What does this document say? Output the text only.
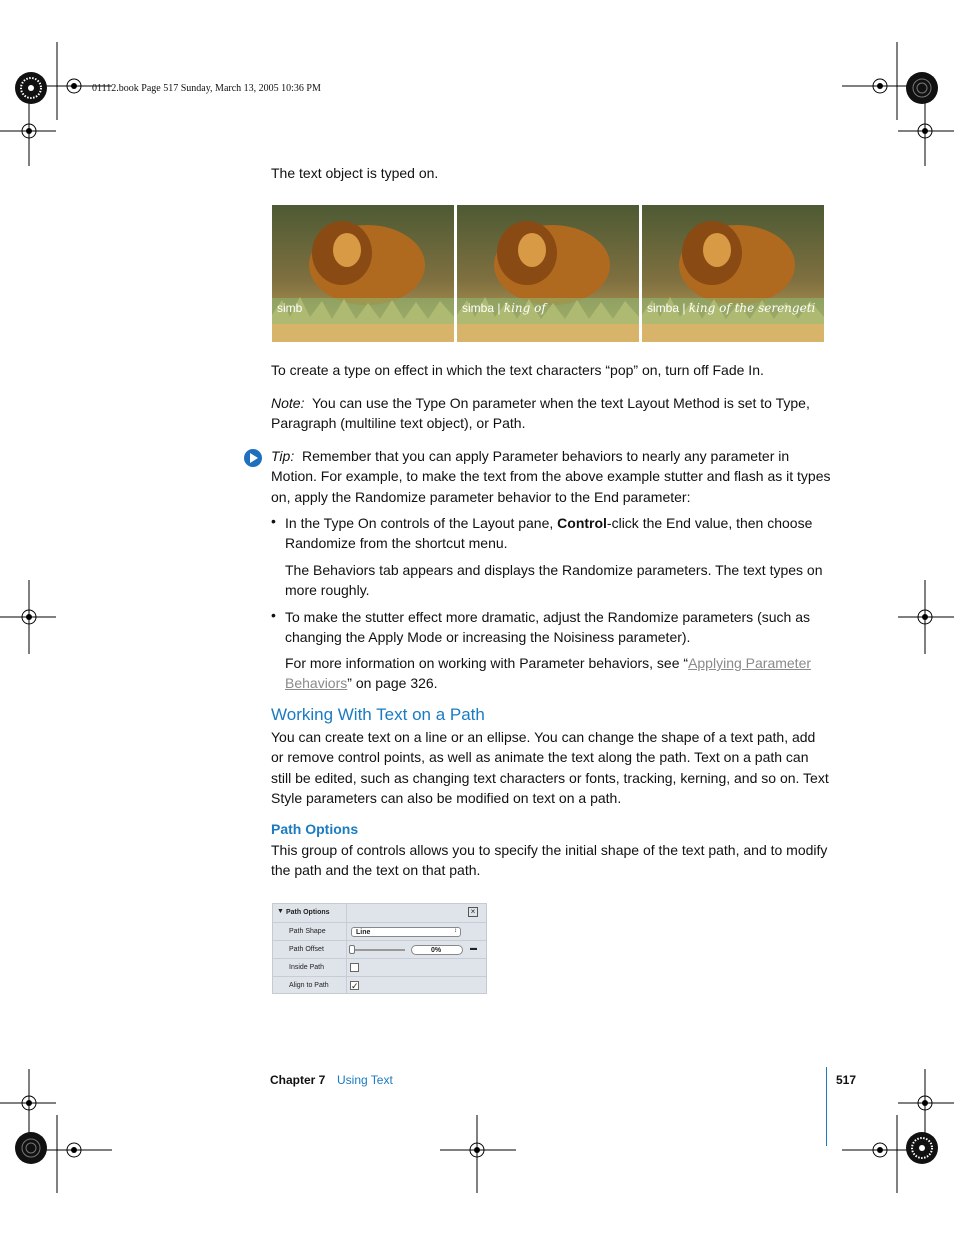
01112.book Page 517 Sunday, March 13, 2005 10:36 PM
The text object is typed on.
simb	simba | king of	simba | king of the serengeti
To create a type on effect in which the text characters “pop” on, turn off Fade In.
Note: You can use the Type On parameter when the text Layout Method is set to Type, Paragraph (multiline text object), or Path.
Tip: Remember that you can apply Parameter behaviors to nearly any parameter in Motion. For example, to make the text from the above example stutter and flash as it types on, apply the Randomize parameter behavior to the End parameter:
• In the Type On controls of the Layout pane, Control-click the End value, then choose Randomize from the shortcut menu.
The Behaviors tab appears and displays the Randomize parameters. The text types on more roughly.
• To make the stutter effect more dramatic, adjust the Randomize parameters (such as changing the Apply Mode or increasing the Noisiness parameter).
For more information on working with Parameter behaviors, see “Applying Parameter Behaviors” on page 326.
Working With Text on a Path
You can create text on a line or an ellipse. You can change the shape of a text path, add or remove control points, as well as animate the text along the path. Text on a path can still be edited, such as changing text characters or fonts, tracking, kerning, and so on. Text Style parameters can also be modified on text on a path.
Path Options
This group of controls allows you to specify the initial shape of the text path, and to modify the path and the text on that path.
▼ Path Options	×
Path Shape	Line	↕
Path Offset	0%	▬
Inside Path
Align to Path ✓
Chapter 7 Using Text	517
